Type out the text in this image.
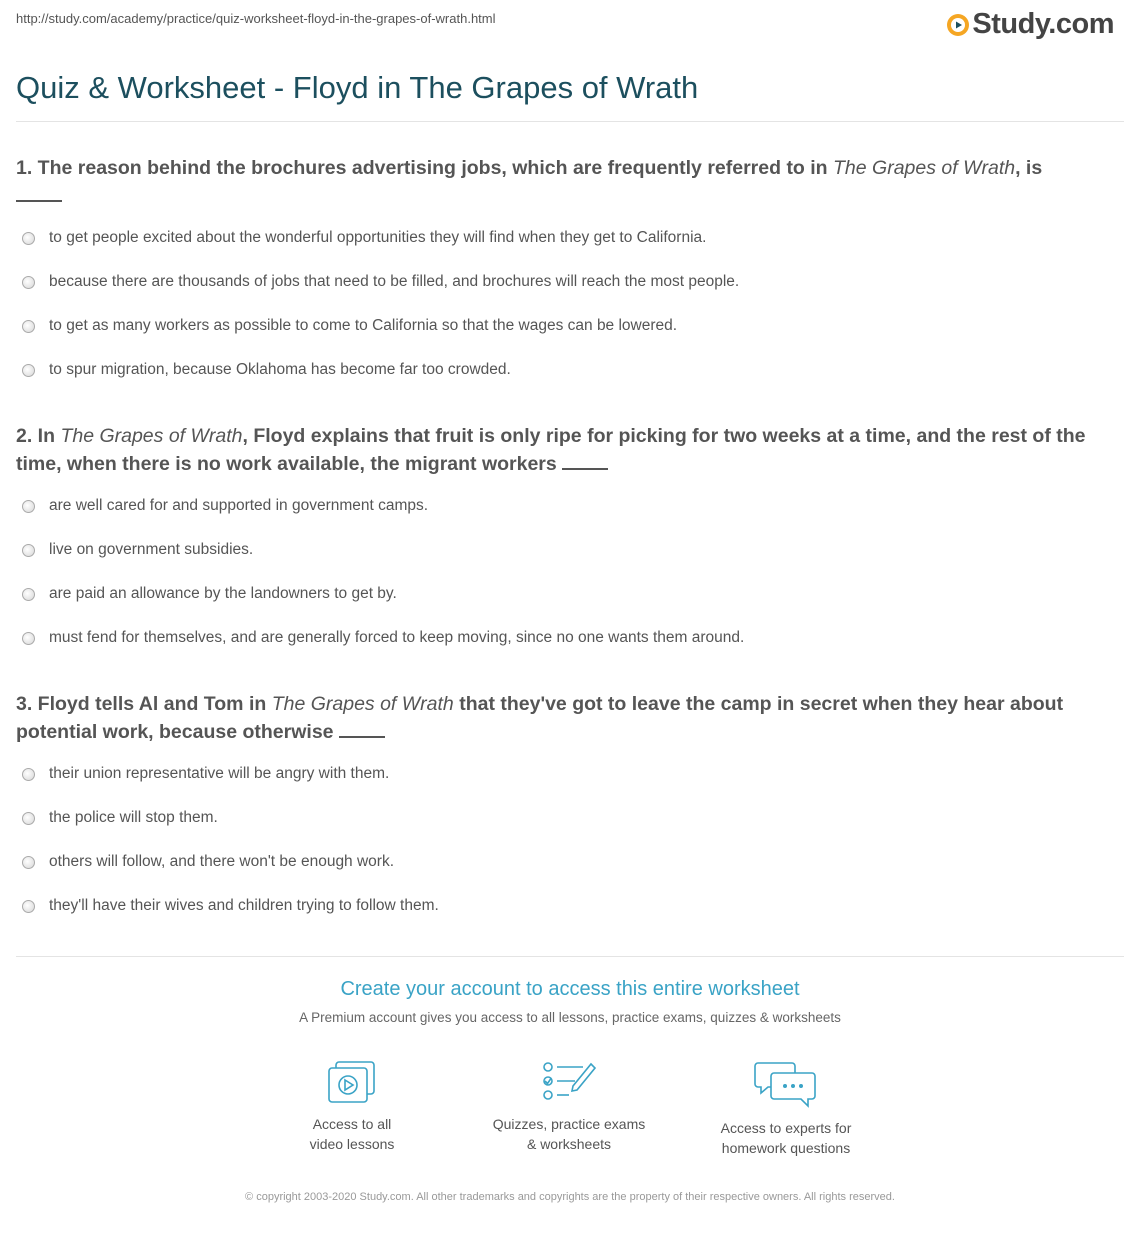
http://study.com/academy/practice/quiz-worksheet-floyd-in-the-grapes-of-wrath.html	Study.com
Quiz & Worksheet - Floyd in The Grapes of Wrath

1. The reason behind the brochures advertising jobs, which are frequently referred to in The Grapes of Wrath, is

to get people excited about the wonderful opportunities they will find when they get to California.
because there are thousands of jobs that need to be filled, and brochures will reach the most people.
to get as many workers as possible to come to California so that the wages can be lowered.
to spur migration, because Oklahoma has become far too crowded.

2. In The Grapes of Wrath, Floyd explains that fruit is only ripe for picking for two weeks at a time, and the rest of the time, when there is no work available, the migrant workers

are well cared for and supported in government camps.
live on government subsidies.
are paid an allowance by the landowners to get by.
must fend for themselves, and are generally forced to keep moving, since no one wants them around.

3. Floyd tells Al and Tom in The Grapes of Wrath that they've got to leave the camp in secret when they hear about potential work, because otherwise

their union representative will be angry with them.
the police will stop them.
others will follow, and there won't be enough work.
they'll have their wives and children trying to follow them.
Create your account to access this entire worksheet
A Premium account gives you access to all lessons, practice exams, quizzes & worksheets
Access to all
video lessons
Quizzes, practice exams
& worksheets
Access to experts for
homework questions
© copyright 2003-2020 Study.com. All other trademarks and copyrights are the property of their respective owners. All rights reserved.
